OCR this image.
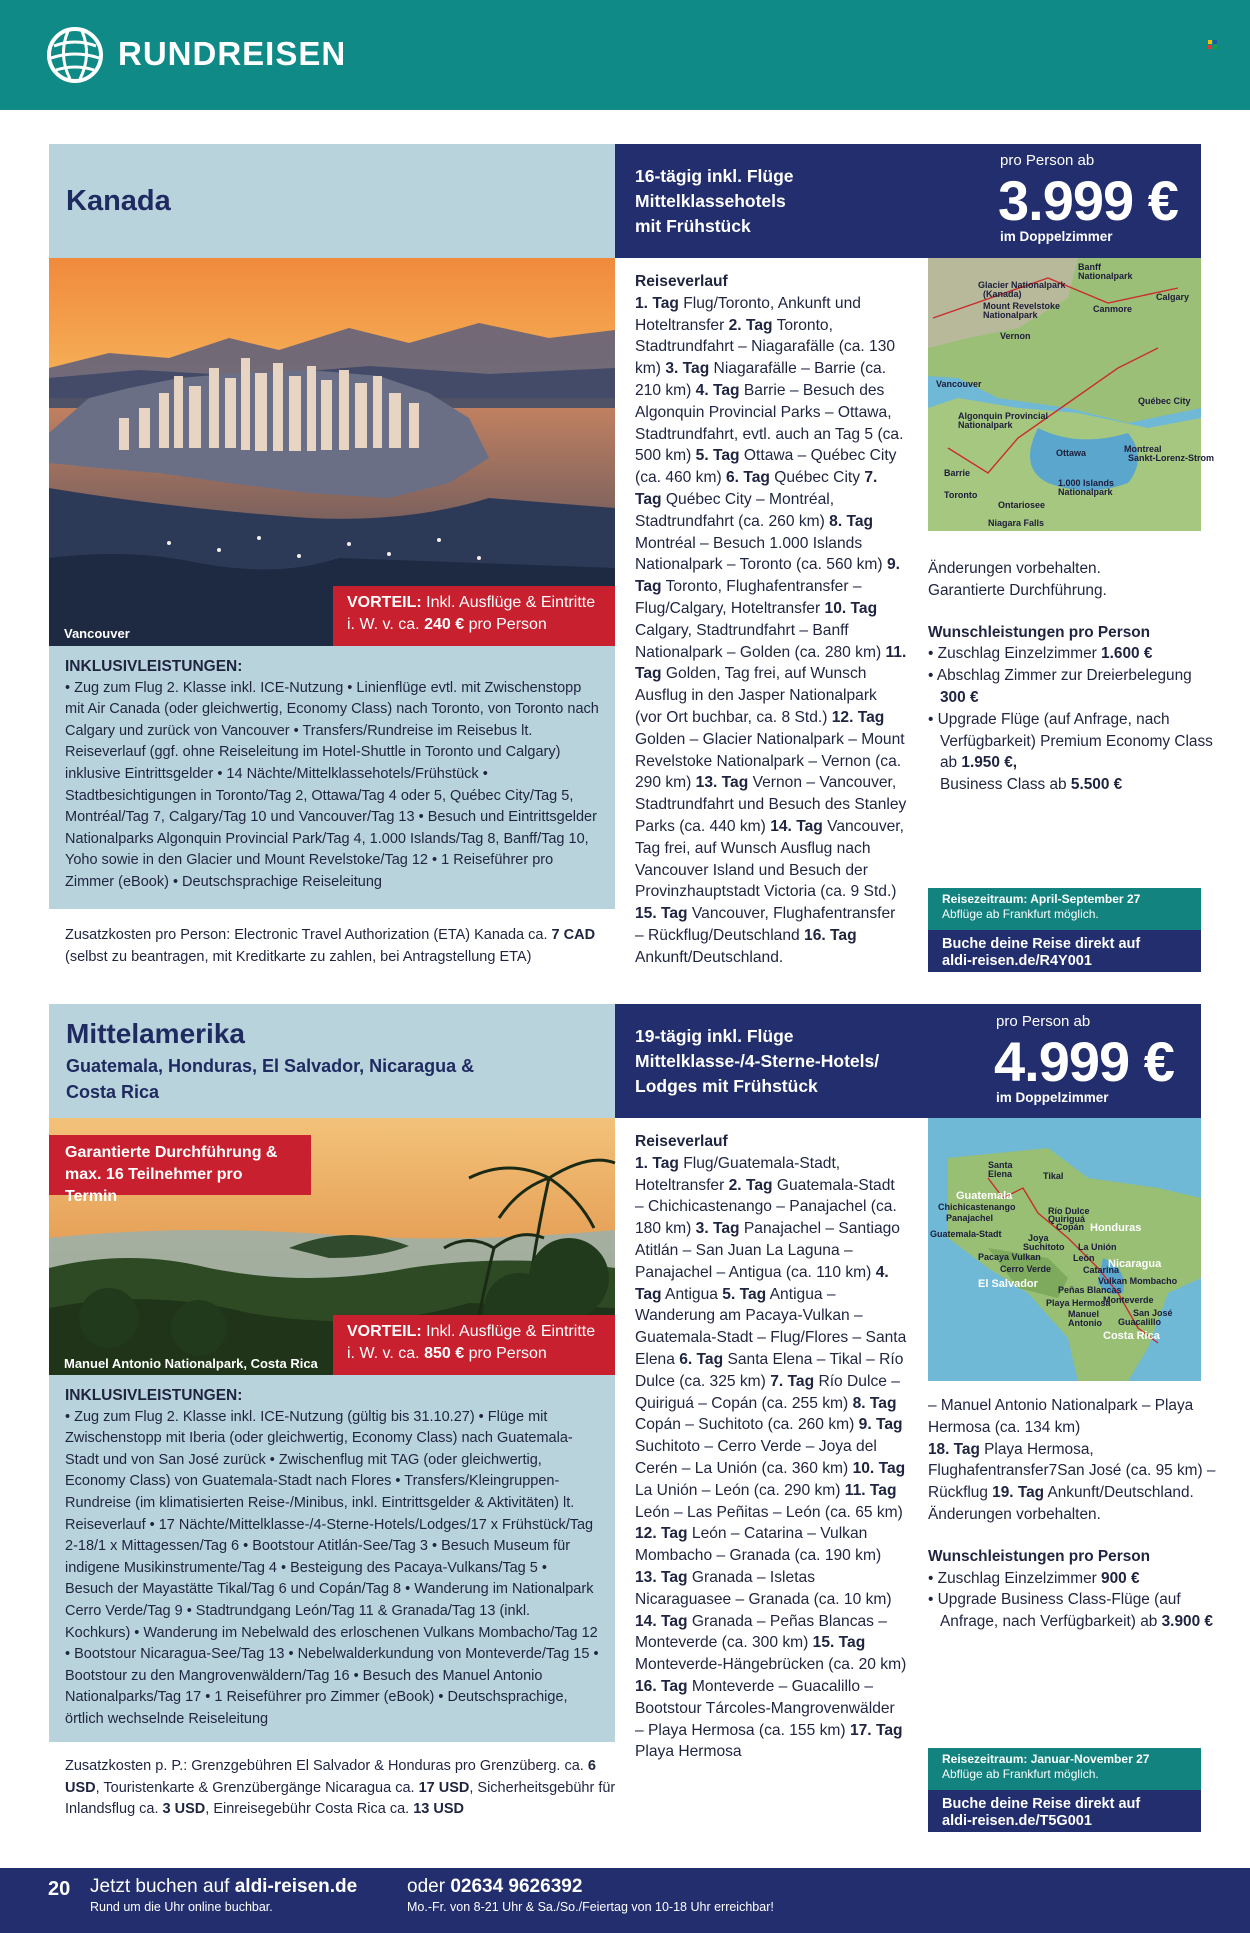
RUNDREISEN
Kanada
16-tägig inkl. Flüge
Mittelklassehotels
mit Frühstück
pro Person ab
3.999 €
im Doppelzimmer
Vancouver
VORTEIL: Inkl. Ausflüge & Eintritte
i. W. v. ca. 240 € pro Person
INKLUSIVLEISTUNGEN:
• Zug zum Flug 2. Klasse inkl. ICE-Nutzung • Linienflüge evtl. mit Zwischenstopp mit Air Canada (oder gleichwertig, Economy Class) nach Toronto, von Toronto nach Calgary und zurück von Vancouver • Transfers/Rundreise im Reisebus lt. Reiseverlauf (ggf. ohne Reiseleitung im Hotel-Shuttle in Toronto und Calgary) inklusive Eintrittsgelder • 14 Nächte/Mittelklassehotels/Frühstück • Stadtbesichtigungen in Toronto/Tag 2, Ottawa/Tag 4 oder 5, Québec City/Tag 5, Montréal/Tag 7, Calgary/Tag 10 und Vancouver/Tag 13 • Besuch und Eintrittsgelder Nationalparks Algonquin Provincial Park/Tag 4, 1.000 Islands/Tag 8, Banff/Tag 10, Yoho sowie in den Glacier und Mount Revelstoke/Tag 12 • 1 Reiseführer pro Zimmer (eBook) • Deutschsprachige Reiseleitung
Zusatzkosten pro Person: Electronic Travel Authorization (ETA) Kanada ca. 7 CAD (selbst zu beantragen, mit Kreditkarte zu zahlen, bei Antragstellung ETA)
Reiseverlauf
1. Tag Flug/Toronto, Ankunft und Hoteltransfer 2. Tag Toronto, Stadtrundfahrt – Niagarafälle (ca. 130 km) 3. Tag Niagarafälle – Barrie (ca. 210 km) 4. Tag Barrie – Besuch des Algonquin Provincial Parks – Ottawa, Stadtrundfahrt, evtl. auch an Tag 5 (ca. 500 km) 5. Tag Ottawa – Québec City (ca. 460 km) 6. Tag Québec City 7. Tag Québec City – Montréal, Stadtrundfahrt (ca. 260 km) 8. Tag Montréal – Besuch 1.000 Islands Nationalpark – Toronto (ca. 560 km) 9. Tag Toronto, Flughafentransfer – Flug/Calgary, Hoteltransfer 10. Tag Calgary, Stadtrundfahrt – Banff Nationalpark – Golden (ca. 280 km) 11. Tag Golden, Tag frei, auf Wunsch Ausflug in den Jasper Nationalpark (vor Ort buchbar, ca. 8 Std.) 12. Tag Golden – Glacier Nationalpark – Mount Revelstoke Nationalpark – Vernon (ca. 290 km) 13. Tag Vernon – Vancouver, Stadtrundfahrt und Besuch des Stanley Parks (ca. 440 km) 14. Tag Vancouver, Tag frei, auf Wunsch Ausflug nach Vancouver Island und Besuch der Provinzhauptstadt Victoria (ca. 9 Std.) 15. Tag Vancouver, Flughafentransfer – Rückflug/Deutschland 16. Tag Ankunft/Deutschland.
Banff
Nationalpark
Glacier Nationalpark
(Kanada)
Mount Revelstoke
Nationalpark
Calgary
Canmore
Vernon
Vancouver
Algonquin Provincial
Nationalpark
Québec City
Ottawa	Montreal
Sankt-Lorenz-Strom
Barrie
Toronto
1.000 Islands
Nationalpark
Ontariosee
Niagara Falls
Änderungen vorbehalten.
Garantierte Durchführung.
Wunschleistungen pro Person
• Zuschlag Einzelzimmer 1.600 €
• Abschlag Zimmer zur Dreierbelegung 300 €
• Upgrade Flüge (auf Anfrage, nach Verfügbarkeit) Premium Economy Class ab 1.950 €,
Business Class ab 5.500 €
Reisezeitraum: April-September 27
Abflüge ab Frankfurt möglich.
Buche deine Reise direkt auf
aldi-reisen.de/R4Y001
Mittelamerika
Guatemala, Honduras, El Salvador, Nicaragua &
Costa Rica
19-tägig inkl. Flüge
Mittelklasse-/4-Sterne-Hotels/
Lodges mit Frühstück
pro Person ab
4.999 €
im Doppelzimmer
Garantierte Durchführung &
max. 16 Teilnehmer pro Termin
Manuel Antonio Nationalpark, Costa Rica
VORTEIL: Inkl. Ausflüge & Eintritte
i. W. v. ca. 850 € pro Person
INKLUSIVLEISTUNGEN:
• Zug zum Flug 2. Klasse inkl. ICE-Nutzung (gültig bis 31.10.27) • Flüge mit Zwischenstopp mit Iberia (oder gleichwertig, Economy Class) nach Guatemala-Stadt und von San José zurück • Zwischenflug mit TAG (oder gleichwertig, Economy Class) von Guatemala-Stadt nach Flores • Transfers/Kleingruppen-Rundreise (im klimatisierten Reise-/Minibus, inkl. Eintrittsgelder & Aktivitäten) lt. Reiseverlauf • 17 Nächte/Mittelklasse-/4-Sterne-Hotels/Lodges/17 x Frühstück/Tag 2-18/1 x Mittagessen/Tag 6 • Bootstour Atitlán-See/Tag 3 • Besuch Museum für indigene Musikinstrumente/Tag 4 • Besteigung des Pacaya-Vulkans/Tag 5 • Besuch der Mayastätte Tikal/Tag 6 und Copán/Tag 8 • Wanderung im Nationalpark Cerro Verde/Tag 9 • Stadtrundgang León/Tag 11 & Granada/Tag 13 (inkl. Kochkurs) • Wanderung im Nebelwald des erloschenen Vulkans Mombacho/Tag 12 • Bootstour Nicaragua-See/Tag 13 • Nebelwalderkundung von Monteverde/Tag 15 • Bootstour zu den Mangrovenwäldern/Tag 16 • Besuch des Manuel Antonio Nationalparks/Tag 17 • 1 Reiseführer pro Zimmer (eBook) • Deutschsprachige, örtlich wechselnde Reiseleitung
Zusatzkosten p. P.: Grenzgebühren El Salvador & Honduras pro Grenzüberg. ca. 6 USD, Touristenkarte & Grenzübergänge Nicaragua ca. 17 USD, Sicherheitsgebühr für Inlandsflug ca. 3 USD, Einreisegebühr Costa Rica ca. 13 USD
Reiseverlauf
1. Tag Flug/Guatemala-Stadt, Hoteltransfer 2. Tag Guatemala-Stadt – Chichicastenango – Panajachel (ca. 180 km) 3. Tag Panajachel – Santiago Atitlán – San Juan La Laguna – Panajachel – Antigua (ca. 110 km) 4. Tag Antigua 5. Tag Antigua – Wanderung am Pacaya-Vulkan – Guatemala-Stadt – Flug/Flores – Santa Elena 6. Tag Santa Elena – Tikal – Río Dulce (ca. 325 km) 7. Tag Río Dulce – Quiriguá – Copán (ca. 255 km) 8. Tag Copán – Suchitoto (ca. 260 km) 9. Tag Suchitoto – Cerro Verde – Joya del Cerén – La Unión (ca. 360 km) 10. Tag La Unión – León (ca. 290 km) 11. Tag León – Las Peñitas – León (ca. 65 km) 12. Tag León – Catarina – Vulkan Mombacho – Granada (ca. 190 km) 13. Tag Granada – Isletas Nicaraguasee – Granada (ca. 10 km) 14. Tag Granada – Peñas Blancas – Monteverde (ca. 300 km) 15. Tag Monteverde-Hängebrücken (ca. 20 km) 16. Tag Monteverde – Guacalillo – Bootstour Tárcoles-Mangrovenwälder – Playa Hermosa (ca. 155 km) 17. Tag Playa Hermosa
Tikal
Santa
Elena
Guatemala
Chichicastenango	Río Dulce
Copán Honduras
Panajachel
Guatemala-Stadt	Joya
Suchitoto
Pacaya Vulkan
Quiriguá
La Unión
León Nicaragua
Cerro Verde	Catarina
Vulkan Mombacho
El Salvador Peñas Blancas
Monteverde
Playa Hermosa
Manuel
Antonio
San José
Guacalillo
Costa Rica
– Manuel Antonio Nationalpark – Playa Hermosa (ca. 134 km)
18. Tag Playa Hermosa, Flughafentransfer7San José (ca. 95 km) – Rückflug 19. Tag Ankunft/Deutschland.
Änderungen vorbehalten.
Wunschleistungen pro Person
• Zuschlag Einzelzimmer 900 €
• Upgrade Business Class-Flüge (auf Anfrage, nach Verfügbarkeit) ab 3.900 €
Reisezeitraum: Januar-November 27
Abflüge ab Frankfurt möglich.
Buche deine Reise direkt auf
aldi-reisen.de/T5G001
20 Jetzt buchen auf aldi-reisen.de
Rund um die Uhr online buchbar.
oder 02634 9626392
Mo.-Fr. von 8-21 Uhr & Sa./So./Feiertag von 10-18 Uhr erreichbar!
